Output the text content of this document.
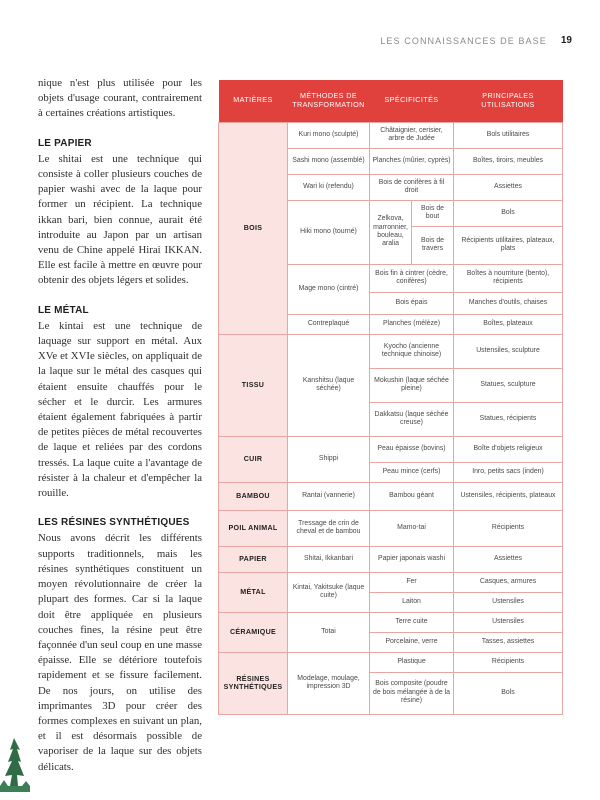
LES CONNAISSANCES DE BASE 19

nique n'est plus utilisée pour les objets d'usage courant, contrairement à certaines créations artistiques.

LE PAPIER

Le shitai est une technique qui consiste à coller plusieurs couches de papier washi avec de la laque pour former un récipient. La technique ikkan bari, bien connue, aurait été introduite au Japon par un artisan venu de Chine appelé Hirai IKKAN. Elle est facile à mettre en œuvre pour obtenir des objets légers et solides.

LE MÉTAL

Le kintai est une technique de laquage sur support en métal. Aux XVe et XVIe siècles, on appliquait de la laque sur le métal des casques qui étaient ensuite chauffés pour le sécher et le durcir. Les armures étaient également fabriquées à partir de petites pièces de métal recouvertes de laque et reliées par des cordons tressés. La laque cuite a l'avantage de résister à la chaleur et d'empêcher la rouille.

LES RÉSINES SYNTHÉTIQUES

Nous avons décrit les différents supports traditionnels, mais les résines synthétiques constituent un moyen révolutionnaire de créer la plupart des formes. Car si la laque doit être appliquée en plusieurs couches fines, la résine peut être façonnée d'un seul coup en une masse épaisse. Elle se détériore toutefois rapidement et se fissure facilement. De nos jours, on utilise des imprimantes 3D pour créer des formes complexes en suivant un plan, et il est désormais possible de vaporiser de la laque sur des objets délicats.

MATIÈRES	MÉTHODES DE TRANSFORMATION	SPÉCIFICITÉS		PRINCIPALES UTILISATIONS
BOIS	Kuri mono (sculpté)	Châtaignier, cerisier, arbre de Judée		Bols utilitaires
	Sashi mono (assemblé)	Planches (mûrier, cyprès)		Boîtes, tiroirs, meubles
	Wari ki (refendu)	Bois de conifères à fil droit		Assiettes
	Hiki mono (tourné)	Zelkova, marronnier, bouleau, aralia	Bois de bout	Bols
			Bois de travers	Récipients utilitaires, plateaux, plats
	Mage mono (cintré)	Bois fin à cintrer (cèdre, conifères)		Boîtes à nourriture (bento), récipients
		Bois épais		Manches d'outils, chaises
	Contreplaqué	Planches (mélèze)		Boîtes, plateaux
TISSU	Kanshitsu (laque séchée)	Kyocho (ancienne technique chinoise)		Ustensiles, sculpture
		Mokushin (laque séchée pleine)		Statues, sculpture
		Dakkatsu (laque séchée creuse)		Statues, récipients
CUIR	Shippi	Peau épaisse (bovins)		Boîte d'objets religieux
		Peau mince (cerfs)		Inro, petits sacs (inden)
BAMBOU	Rantai (vannerie)	Bambou géant		Ustensiles, récipients, plateaux
POIL ANIMAL	Tressage de crin de cheval et de bambou	Mamo-tai		Récipients
PAPIER	Shitai, Ikkanbari	Papier japonais washi		Assiettes
MÉTAL	Kintai, Yakitsuke (laque cuite)	Fer		Casques, armures
		Laiton		Ustensiles
CÉRAMIQUE	Totai	Terre cuite		Ustensiles
		Porcelaine, verre		Tasses, assiettes
RÉSINES SYNTHÉTIQUES	Modelage, moulage, impression 3D	Plastique		Récipients
		Bois composite (poudre de bois mélangée à de la résine)		Bols
